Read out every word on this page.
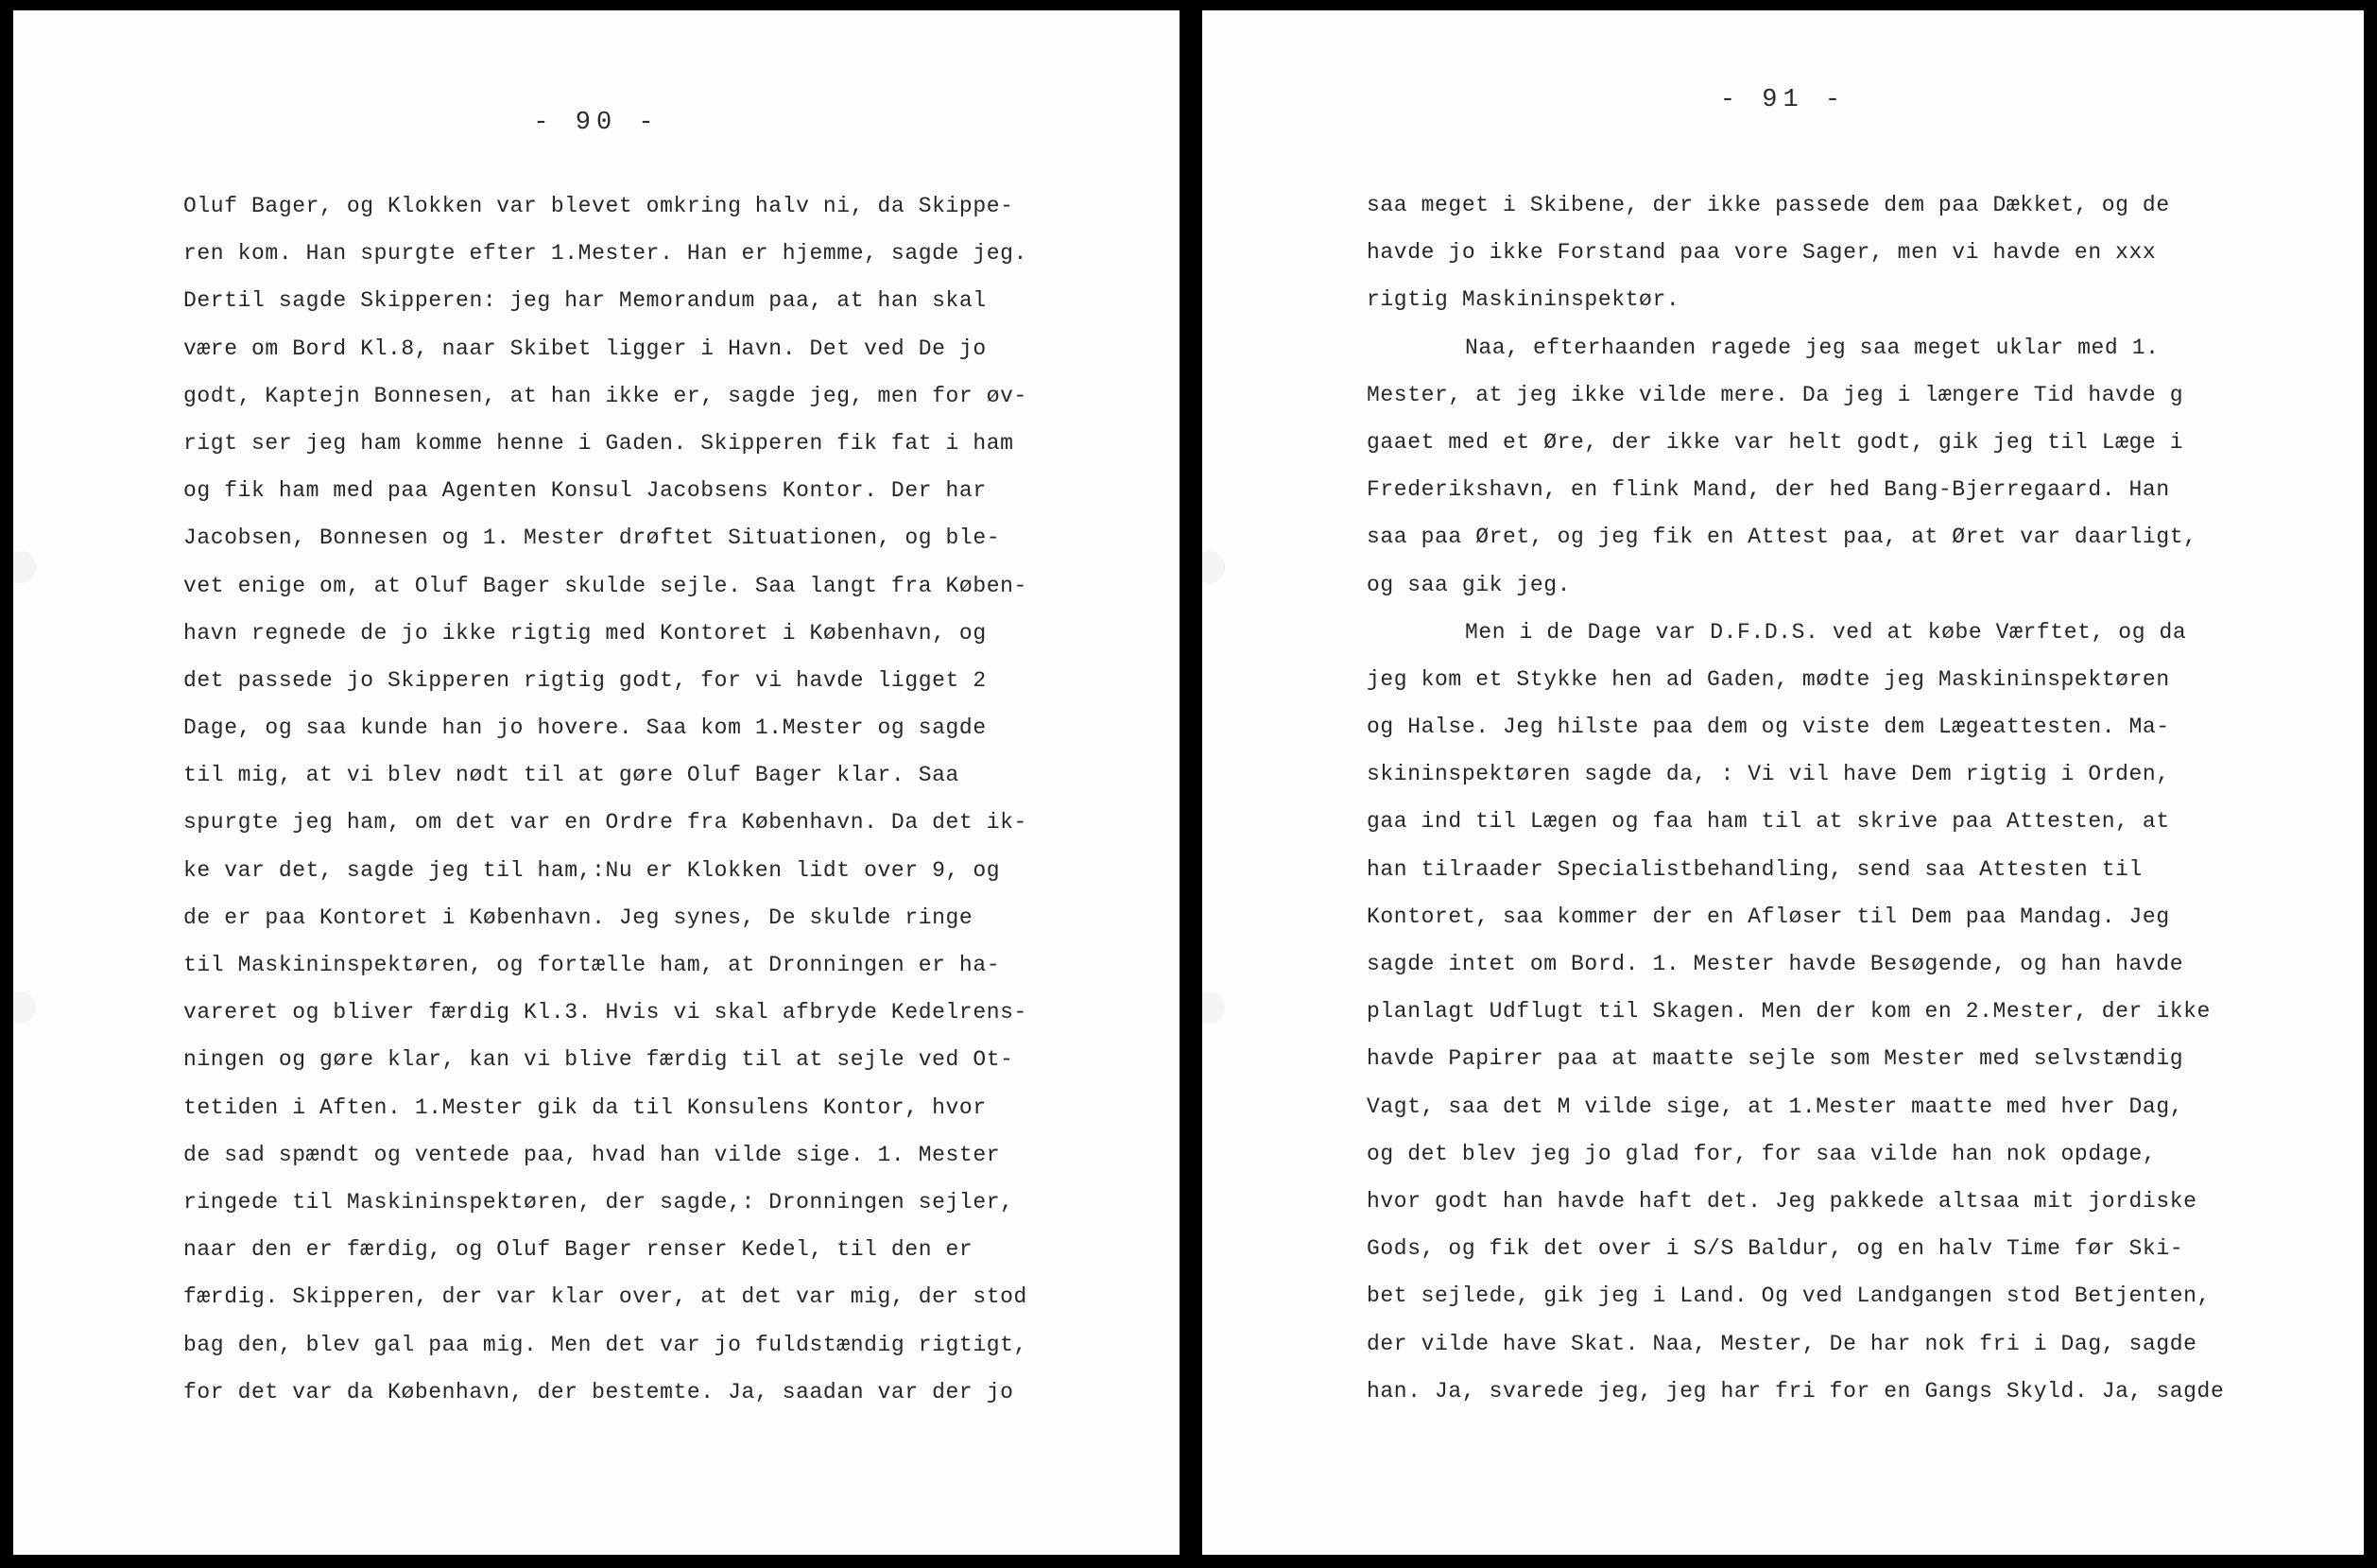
- 90 -
Oluf Bager, og Klokken var blevet omkring halv ni, da Skippe-
ren kom. Han spurgte efter 1.Mester. Han er hjemme, sagde jeg.
Dertil sagde Skipperen: jeg har Memorandum paa, at han skal
være om Bord Kl.8, naar Skibet ligger i Havn. Det ved De jo
godt, Kaptejn Bonnesen, at han ikke er, sagde jeg, men for øv-
rigt ser jeg ham komme henne i Gaden. Skipperen fik fat i ham
og fik ham med paa Agenten Konsul Jacobsens Kontor. Der har
Jacobsen, Bonnesen og 1. Mester drøftet Situationen, og ble-
vet enige om, at Oluf Bager skulde sejle. Saa langt fra Køben-
havn regnede de jo ikke rigtig med Kontoret i København, og
det passede jo Skipperen rigtig godt, for vi havde ligget 2
Dage, og saa kunde han jo hovere. Saa kom 1.Mester og sagde
til mig, at vi blev nødt til at gøre Oluf Bager klar. Saa
spurgte jeg ham, om det var en Ordre fra København. Da det ik-
ke var det, sagde jeg til ham,:Nu er Klokken lidt over 9, og
de er paa Kontoret i København. Jeg synes, De skulde ringe
til Maskininspektøren, og fortælle ham, at Dronningen er ha-
vareret og bliver færdig Kl.3. Hvis vi skal afbryde Kedelrens-
ningen og gøre klar, kan vi blive færdig til at sejle ved Ot-
tetiden i Aften. 1.Mester gik da til Konsulens Kontor, hvor
de sad spændt og ventede paa, hvad han vilde sige. 1. Mester
ringede til Maskininspektøren, der sagde,: Dronningen sejler,
naar den er færdig, og Oluf Bager renser Kedel, til den er
færdig. Skipperen, der var klar over, at det var mig, der stod
bag den, blev gal paa mig. Men det var jo fuldstændig rigtigt,
for det var da København, der bestemte. Ja, saadan var der jo
- 91 -
saa meget i Skibene, der ikke passede dem paa Dækket, og de
havde jo ikke Forstand paa vore Sager, men vi havde en xxx
rigtig Maskininspektør.
Naa, efterhaanden ragede jeg saa meget uklar med 1.
Mester, at jeg ikke vilde mere. Da jeg i længere Tid havde g
gaaet med et Øre, der ikke var helt godt, gik jeg til Læge i
Frederikshavn, en flink Mand, der hed Bang-Bjerregaard. Han
saa paa Øret, og jeg fik en Attest paa, at Øret var daarligt,
og saa gik jeg.
Men i de Dage var D.F.D.S. ved at købe Værftet, og da
jeg kom et Stykke hen ad Gaden, mødte jeg Maskininspektøren
og Halse. Jeg hilste paa dem og viste dem Lægeattesten. Ma-
skininspektøren sagde da, : Vi vil have Dem rigtig i Orden,
gaa ind til Lægen og faa ham til at skrive paa Attesten, at
han tilraader Specialistbehandling, send saa Attesten til
Kontoret, saa kommer der en Afløser til Dem paa Mandag. Jeg
sagde intet om Bord. 1. Mester havde Besøgende, og han havde
planlagt Udflugt til Skagen. Men der kom en 2.Mester, der ikke
havde Papirer paa at maatte sejle som Mester med selvstændig
Vagt, saa det M vilde sige, at 1.Mester maatte med hver Dag,
og det blev jeg jo glad for, for saa vilde han nok opdage,
hvor godt han havde haft det. Jeg pakkede altsaa mit jordiske
Gods, og fik det over i S/S Baldur, og en halv Time før Ski-
bet sejlede, gik jeg i Land. Og ved Landgangen stod Betjenten,
der vilde have Skat. Naa, Mester, De har nok fri i Dag, sagde
han. Ja, svarede jeg, jeg har fri for en Gangs Skyld. Ja, sagde
